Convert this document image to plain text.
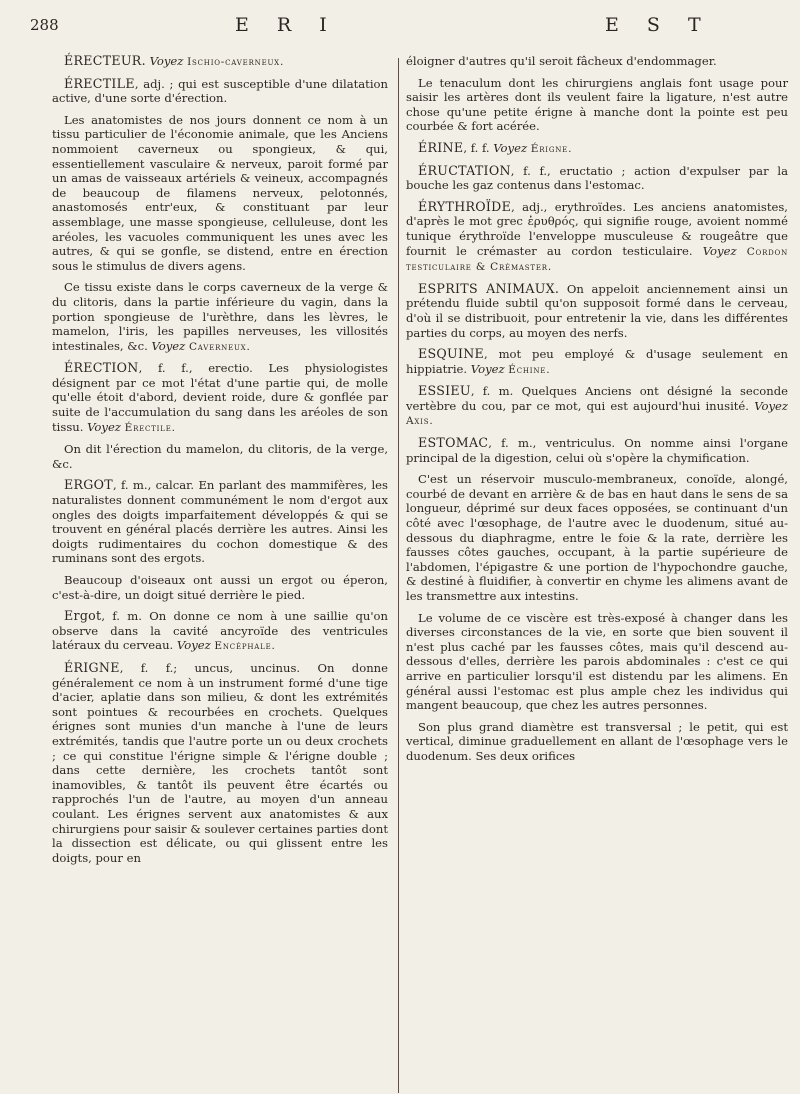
288	E R I	E S T

ÉRECTEUR. Voyez Ischio-caverneux.

ÉRECTILE, adj. ; qui est susceptible d'une dilatation active, d'une sorte d'érection.

Les anatomistes de nos jours donnent ce nom à un tissu particulier de l'économie animale, que les Anciens nommoient caverneux ou spongieux, & qui, essentiellement vasculaire & nerveux, paroit formé par un amas de vaisseaux artériels & veineux, accompagnés de beaucoup de filamens nerveux, pelotonnés, anastomosés entr'eux, & constituant par leur assemblage, une masse spongieuse, celluleuse, dont les aréoles, les vacuoles communiquent les unes avec les autres, & qui se gonfle, se distend, entre en érection sous le stimulus de divers agens.

Ce tissu existe dans le corps caverneux de la verge & du clitoris, dans la partie inférieure du vagin, dans la portion spongieuse de l'urèthre, dans les lèvres, le mamelon, l'iris, les papilles nerveuses, les villosités intestinales, &c. Voyez Caverneux.

ÉRECTION, f. f., erectio. Les physiologistes désignent par ce mot l'état d'une partie qui, de molle qu'elle étoit d'abord, devient roide, dure & gonflée par suite de l'accumulation du sang dans les aréoles de son tissu. Voyez Érectile.

On dit l'érection du mamelon, du clitoris, de la verge, &c.

ERGOT, f. m., calcar. En parlant des mammifères, les naturalistes donnent communément le nom d'ergot aux ongles des doigts imparfaitement développés & qui se trouvent en général placés derrière les autres. Ainsi les doigts rudimentaires du cochon domestique & des ruminans sont des ergots.

Beaucoup d'oiseaux ont aussi un ergot ou éperon, c'est-à-dire, un doigt situé derrière le pied.

Ergot, f. m. On donne ce nom à une saillie qu'on observe dans la cavité ancyroïde des ventricules latéraux du cerveau. Voyez Encéphale.

ÉRIGNE, f. f.; uncus, uncinus. On donne généralement ce nom à un instrument formé d'une tige d'acier, aplatie dans son milieu, & dont les extrémités sont pointues & recourbées en crochets. Quelques érignes sont munies d'un manche à l'une de leurs extrémités, tandis que l'autre porte un ou deux crochets ; ce qui constitue l'érigne simple & l'érigne double ; dans cette dernière, les crochets tantôt sont inamovibles, & tantôt ils peuvent être écartés ou rapprochés l'un de l'autre, au moyen d'un anneau coulant. Les érignes servent aux anatomistes & aux chirurgiens pour saisir & soulever certaines parties dont la dissection est délicate, ou qui glissent entre les doigts, pour en

éloigner d'autres qu'il seroit fâcheux d'endommager.

Le tenaculum dont les chirurgiens anglais font usage pour saisir les artères dont ils veulent faire la ligature, n'est autre chose qu'une petite érigne à manche dont la pointe est peu courbée & fort acérée.

ÉRINE, f. f. Voyez Érigne.

ÉRUCTATION, f. f., eructatio ; action d'expulser par la bouche les gaz contenus dans l'estomac.

ÉRYTHROÏDE, adj., erythroïdes. Les anciens anatomistes, d'après le mot grec ἐρυθρός, qui signifie rouge, avoient nommé tunique érythroïde l'enveloppe musculeuse & rougeâtre que fournit le crémaster au cordon testiculaire. Voyez Cordon testiculaire & Crémaster.

ESPRITS ANIMAUX. On appeloit anciennement ainsi un prétendu fluide subtil qu'on supposoit formé dans le cerveau, d'où il se distribuoit, pour entretenir la vie, dans les différentes parties du corps, au moyen des nerfs.

ESQUINE, mot peu employé & d'usage seulement en hippiatrie. Voyez Échine.

ESSIEU, f. m. Quelques Anciens ont désigné la seconde vertèbre du cou, par ce mot, qui est aujourd'hui inusité. Voyez Axis.

ESTOMAC, f. m., ventriculus. On nomme ainsi l'organe principal de la digestion, celui où s'opère la chymification.

C'est un réservoir musculo-membraneux, conoïde, alongé, courbé de devant en arrière & de bas en haut dans le sens de sa longueur, déprimé sur deux faces opposées, se continuant d'un côté avec l'œsophage, de l'autre avec le duodenum, situé au-dessous du diaphragme, entre le foie & la rate, derrière les fausses côtes gauches, occupant, à la partie supérieure de l'abdomen, l'épigastre & une portion de l'hypochondre gauche, & destiné à fluidifier, à convertir en chyme les alimens avant de les transmettre aux intestins.

Le volume de ce viscère est très-exposé à changer dans les diverses circonstances de la vie, en sorte que bien souvent il n'est plus caché par les fausses côtes, mais qu'il descend au-dessous d'elles, derrière les parois abdominales : c'est ce qui arrive en particulier lorsqu'il est distendu par les alimens. En général aussi l'estomac est plus ample chez les individus qui mangent beaucoup, que chez les autres personnes.

Son plus grand diamètre est transversal ; le petit, qui est vertical, diminue graduellement en allant de l'œsophage vers le duodenum. Ses deux orifices
